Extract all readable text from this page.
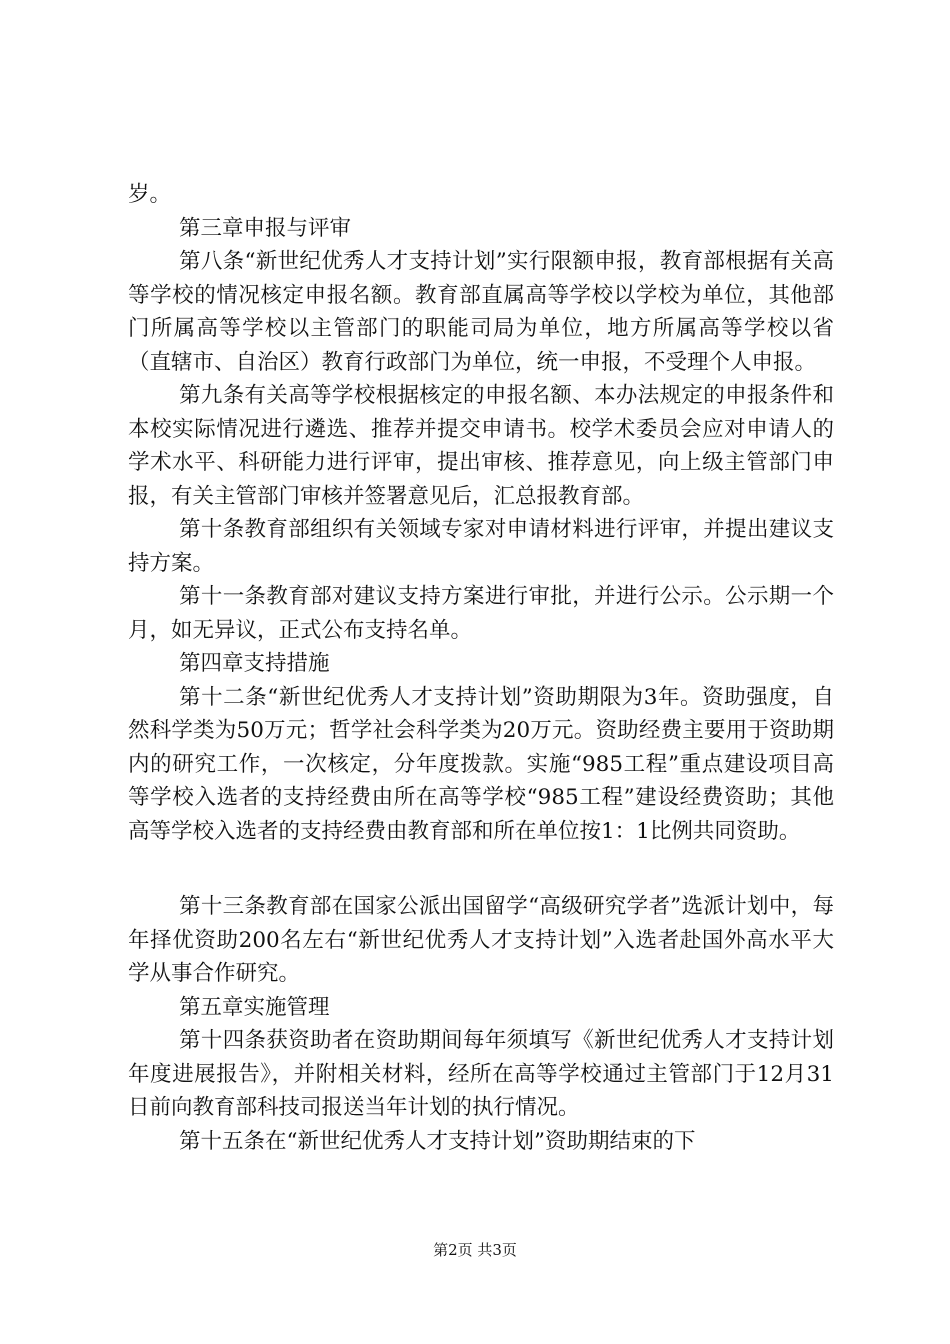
岁。

第三章申报与评审

第八条“新世纪优秀人才支持计划”实行限额申报，教育部根据有关高等学校的情况核定申报名额。教育部直属高等学校以学校为单位，其他部门所属高等学校以主管部门的职能司局为单位，地方所属高等学校以省（直辖市、自治区）教育行政部门为单位，统一申报，不受理个人申报。

第九条有关高等学校根据核定的申报名额、本办法规定的申报条件和本校实际情况进行遴选、推荐并提交申请书。校学术委员会应对申请人的学术水平、科研能力进行评审，提出审核、推荐意见，向上级主管部门申报，有关主管部门审核并签署意见后，汇总报教育部。

第十条教育部组织有关领域专家对申请材料进行评审，并提出建议支持方案。

第十一条教育部对建议支持方案进行审批，并进行公示。公示期一个月，如无异议，正式公布支持名单。

第四章支持措施

第十二条“新世纪优秀人才支持计划”资助期限为3年。资助强度，自然科学类为50万元；哲学社会科学类为20万元。资助经费主要用于资助期内的研究工作，一次核定，分年度拨款。实施“985工程”重点建设项目高等学校入选者的支持经费由所在高等学校“985工程”建设经费资助；其他高等学校入选者的支持经费由教育部和所在单位按1：1比例共同资助。

第十三条教育部在国家公派出国留学“高级研究学者”选派计划中，每年择优资助200名左右“新世纪优秀人才支持计划”入选者赴国外高水平大学从事合作研究。

第五章实施管理

第十四条获资助者在资助期间每年须填写《新世纪优秀人才支持计划年度进展报告》，并附相关材料，经所在高等学校通过主管部门于12月31日前向教育部科技司报送当年计划的执行情况。

第十五条在“新世纪优秀人才支持计划”资助期结束的下

第2页 共3页
